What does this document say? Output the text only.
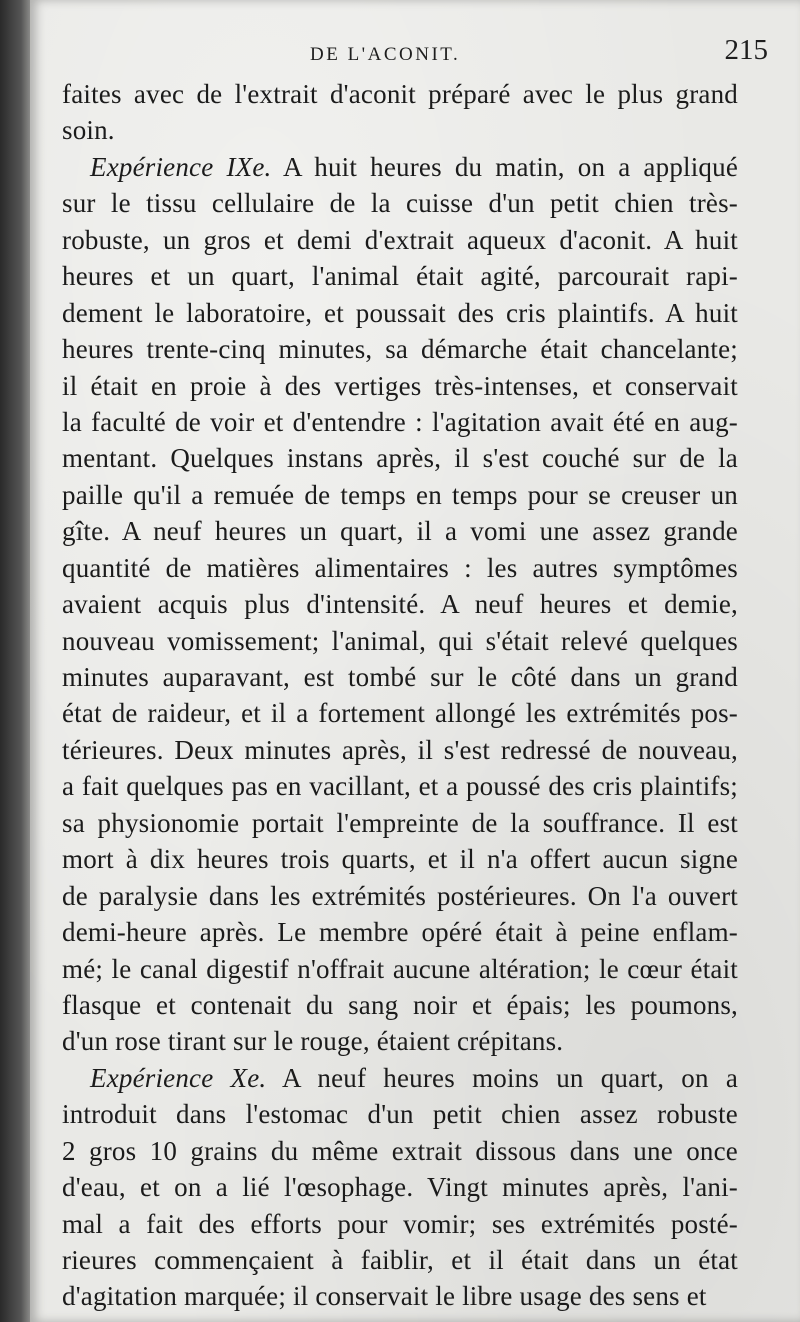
DE L'ACONIT.	215
faites avec de l'extrait d'aconit préparé avec le plus grand
soin.
Expérience IXe. A huit heures du matin, on a appliqué
sur le tissu cellulaire de la cuisse d'un petit chien très-
robuste, un gros et demi d'extrait aqueux d'aconit. A huit
heures et un quart, l'animal était agité, parcourait rapi-
dement le laboratoire, et poussait des cris plaintifs. A huit
heures trente-cinq minutes, sa démarche était chancelante;
il était en proie à des vertiges très-intenses, et conservait
la faculté de voir et d'entendre : l'agitation avait été en aug-
mentant. Quelques instans après, il s'est couché sur de la
paille qu'il a remuée de temps en temps pour se creuser un
gîte. A neuf heures un quart, il a vomi une assez grande
quantité de matières alimentaires : les autres symptômes
avaient acquis plus d'intensité. A neuf heures et demie,
nouveau vomissement; l'animal, qui s'était relevé quelques
minutes auparavant, est tombé sur le côté dans un grand
état de raideur, et il a fortement allongé les extrémités pos-
térieures. Deux minutes après, il s'est redressé de nouveau,
a fait quelques pas en vacillant, et a poussé des cris plaintifs;
sa physionomie portait l'empreinte de la souffrance. Il est
mort à dix heures trois quarts, et il n'a offert aucun signe
de paralysie dans les extrémités postérieures. On l'a ouvert
demi-heure après. Le membre opéré était à peine enflam-
mé; le canal digestif n'offrait aucune altération; le cœur était
flasque et contenait du sang noir et épais; les poumons,
d'un rose tirant sur le rouge, étaient crépitans.
Expérience Xe. A neuf heures moins un quart, on a
introduit dans l'estomac d'un petit chien assez robuste
2 gros 10 grains du même extrait dissous dans une once
d'eau, et on a lié l'œsophage. Vingt minutes après, l'ani-
mal a fait des efforts pour vomir; ses extrémités posté-
rieures commençaient à faiblir, et il était dans un état
d'agitation marquée; il conservait le libre usage des sens et
